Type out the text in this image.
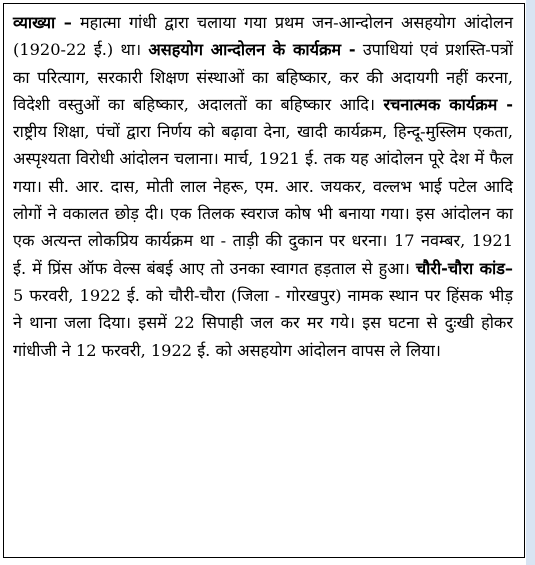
व्याख्या – महात्मा गांधी द्वारा चलाया गया प्रथम जन-आन्दोलन असहयोग आंदोलन (1920-22 ई.) था। असहयोग आन्दोलन के कार्यक्रम - उपाधियां एवं प्रशस्ति-पत्रों का परित्याग, सरकारी शिक्षण संस्थाओं का बहिष्कार, कर की अदायगी नहीं करना, विदेशी वस्तुओं का बहिष्कार, अदालतों का बहिष्कार आदि। रचनात्मक कार्यक्रम - राष्ट्रीय शिक्षा, पंचों द्वारा निर्णय को बढ़ावा देना, खादी कार्यक्रम, हिन्दू-मुस्लिम एकता, अस्पृश्यता विरोधी आंदोलन चलाना। मार्च, 1921 ई. तक यह आंदोलन पूरे देश में फैल गया। सी. आर. दास, मोती लाल नेहरू, एम. आर. जयकर, वल्लभ भाई पटेल आदि लोगों ने वकालत छोड़ दी। एक तिलक स्वराज कोष भी बनाया गया। इस आंदोलन का एक अत्यन्त लोकप्रिय कार्यक्रम था - ताड़ी की दुकान पर धरना। 17 नवम्बर, 1921 ई. में प्रिंस ऑफ वेल्स बंबई आए तो उनका स्वागत हड़ताल से हुआ। चौरी-चौरा कांड– 5 फरवरी, 1922 ई. को चौरी-चौरा (जिला - गोरखपुर) नामक स्थान पर हिंसक भीड़ ने थाना जला दिया। इसमें 22 सिपाही जल कर मर गये। इस घटना से दुःखी होकर गांधीजी ने 12 फरवरी, 1922 ई. को असहयोग आंदोलन वापस ले लिया।
